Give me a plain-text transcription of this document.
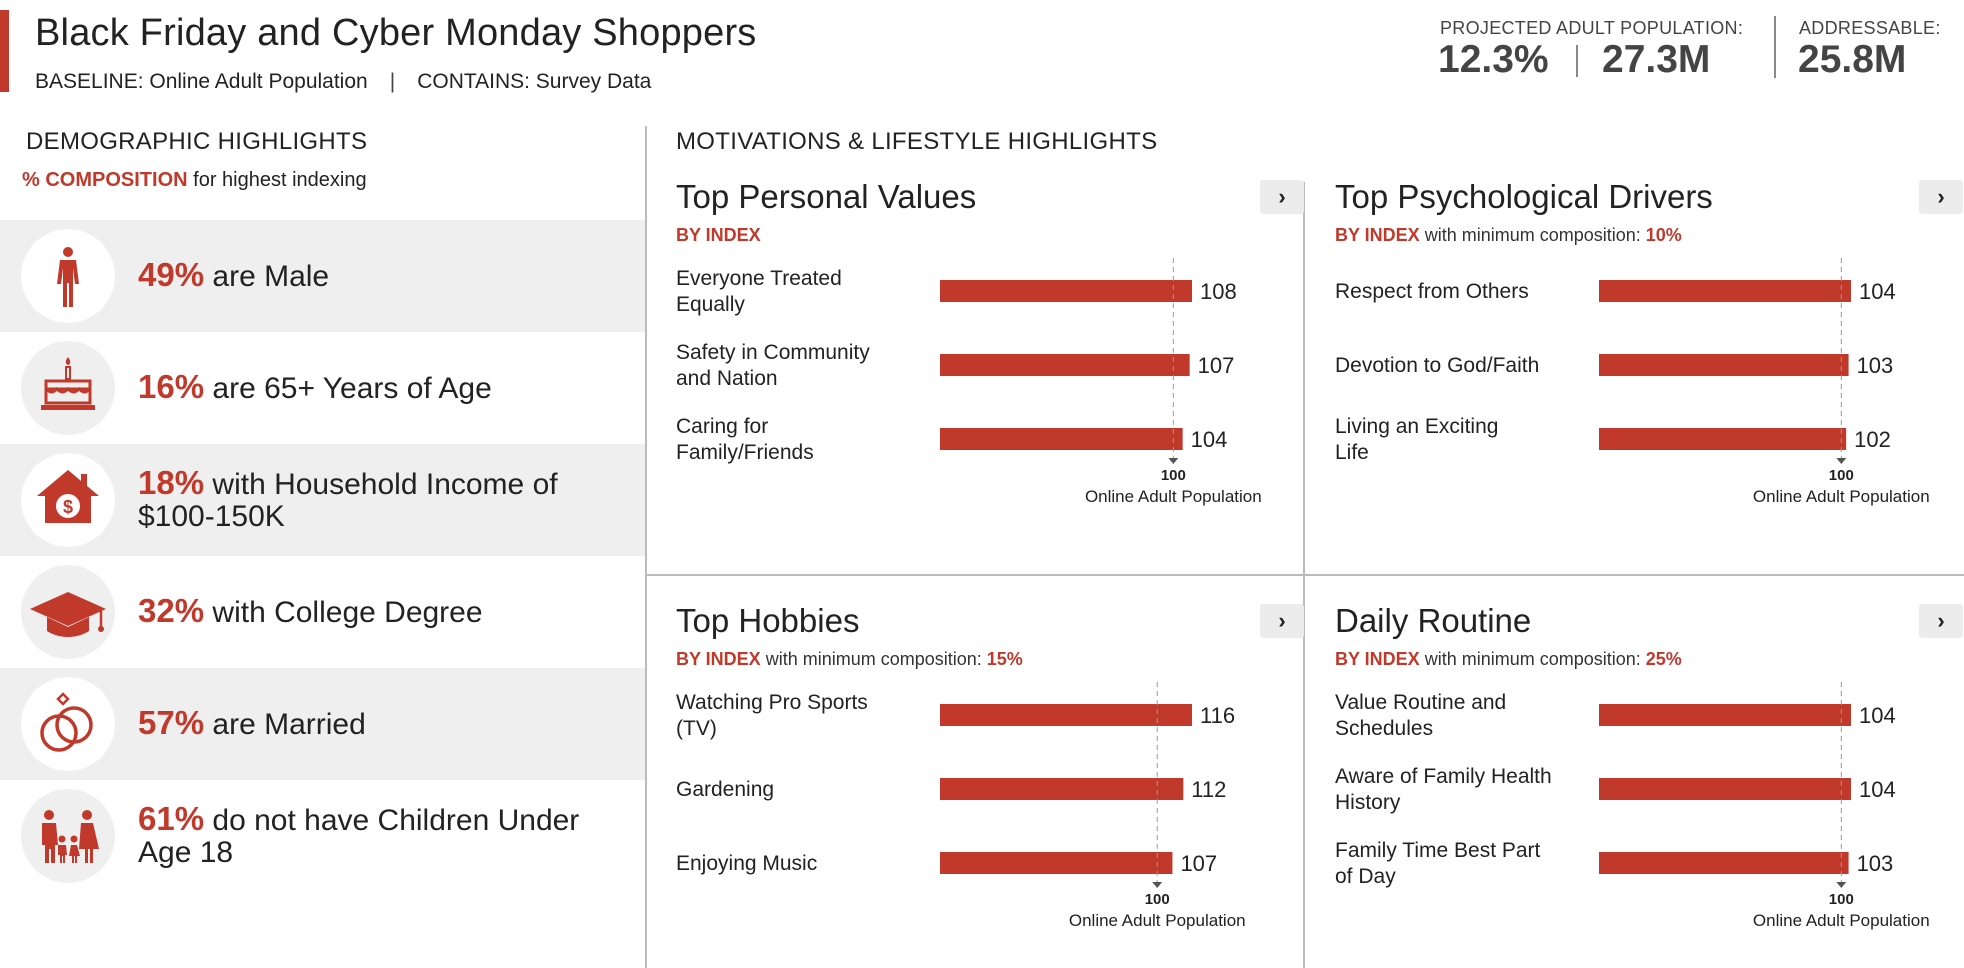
Black Friday and Cyber Monday Shoppers
BASELINE: Online Adult Population | CONTAINS: Survey Data
PROJECTED ADULT POPULATION:
12.3% 27.3M
ADDRESSABLE:
25.8M
DEMOGRAPHIC HIGHLIGHTS
% COMPOSITION for highest indexing
49% are Male
16% are 65+ Years of Age
$
18% with Household Income of $100-150K
32% with College Degree
57% are Married
61% do not have Children Under Age 18
MOTIVATIONS & LIFESTYLE HIGHLIGHTS
Top Personal Values	›
BY INDEX
Everyone Treated Equally
108
Safety in Community and Nation
107
Caring for Family/Friends
104
100
Online Adult Population
Top Psychological Drivers	›
BY INDEX with minimum composition: 10%
Respect from Others	104
Devotion to God/Faith	103
Living an Exciting Life
102
100
Online Adult Population
Top Hobbies	›
BY INDEX with minimum composition: 15%
Watching Pro Sports (TV)
116
Gardening	112
Enjoying Music	107
100
Online Adult Population
Daily Routine	›
BY INDEX with minimum composition: 25%
Value Routine and Schedules
104
Aware of Family Health History
104
Family Time Best Part of Day
103
100
Online Adult Population
